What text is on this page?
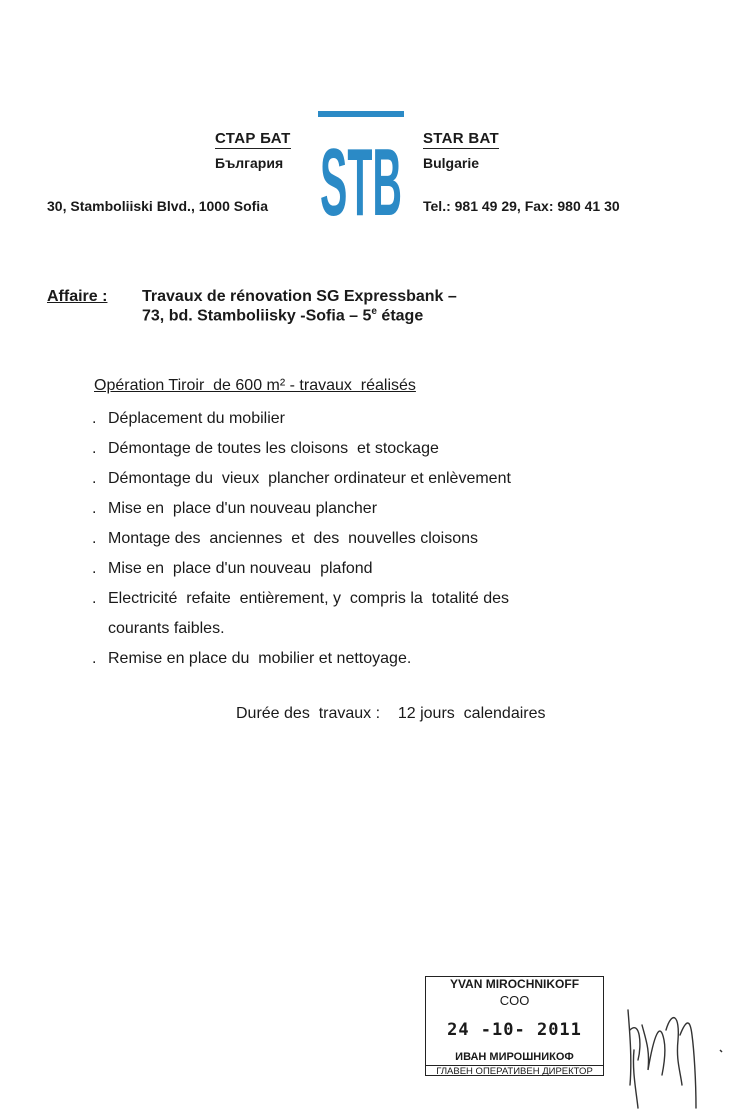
СТАР БАТ
България STB STAR BAT
Bulgarie
30, Stamboliiski Blvd., 1000 Sofia	Tel.: 981 49 29, Fax: 980 41 30
Affaire : Travaux de rénovation SG Expressbank –
73, bd. Stamboliisky -Sofia – 5e étage
Opération Tiroir  de 600 m² - travaux  réalisés
. Déplacement du mobilier
. Démontage de toutes les cloisons  et stockage
. Démontage du  vieux  plancher ordinateur et enlèvement
. Mise en  place d'un nouveau plancher
. Montage des  anciennes  et  des  nouvelles cloisons
. Mise en  place d'un nouveau  plafond
. Electricité  refaite  entièrement, y  compris la  totalité des
courants faibles.
. Remise en place du  mobilier et nettoyage.
Durée des  travaux :    12 jours  calendaires
YVAN MIROCHNIKOFF
COO
24 -10- 2011
ИВАН МИРОШНИКОФ
ГЛАВЕН ОПЕРАТИВЕН ДИРЕКТОР
